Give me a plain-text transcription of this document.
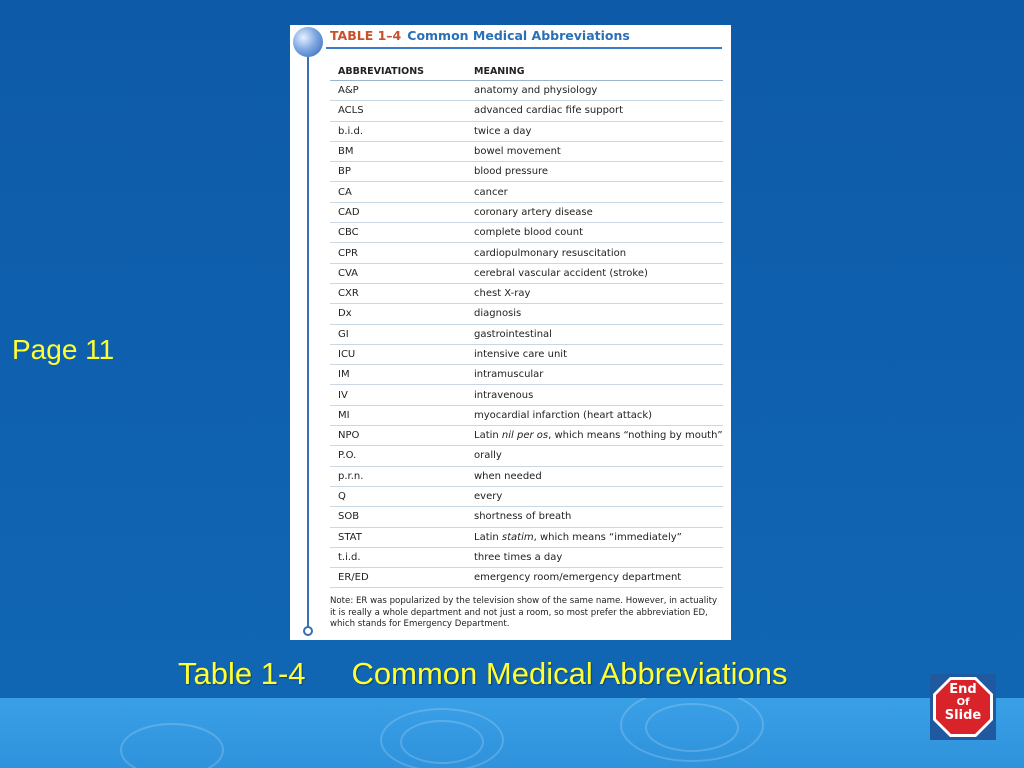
Page 11
TABLE 1–4 Common Medical Abbreviations
ABBREVIATIONS	MEANING
A&P	anatomy and physiology
ACLS	advanced cardiac fife support
b.i.d.	twice a day
BM	bowel movement
BP	blood pressure
CA	cancer
CAD	coronary artery disease
CBC	complete blood count
CPR	cardiopulmonary resuscitation
CVA	cerebral vascular accident (stroke)
CXR	chest X-ray
Dx	diagnosis
GI	gastrointestinal
ICU	intensive care unit
IM	intramuscular
IV	intravenous
MI	myocardial infarction (heart attack)
NPO	Latin nil per os, which means “nothing by mouth”
P.O.	orally
p.r.n.	when needed
Q	every
SOB	shortness of breath
STAT	Latin statim, which means “immediately”
t.i.d.	three times a day
ER/ED	emergency room/emergency department
Note: ER was popularized by the television show of the same name. However, in actuality it is really a whole department and not just a room, so most prefer the abbreviation ED, which stands for Emergency Department.
Table 1-4 Common Medical Abbreviations	End
Of
Slide
